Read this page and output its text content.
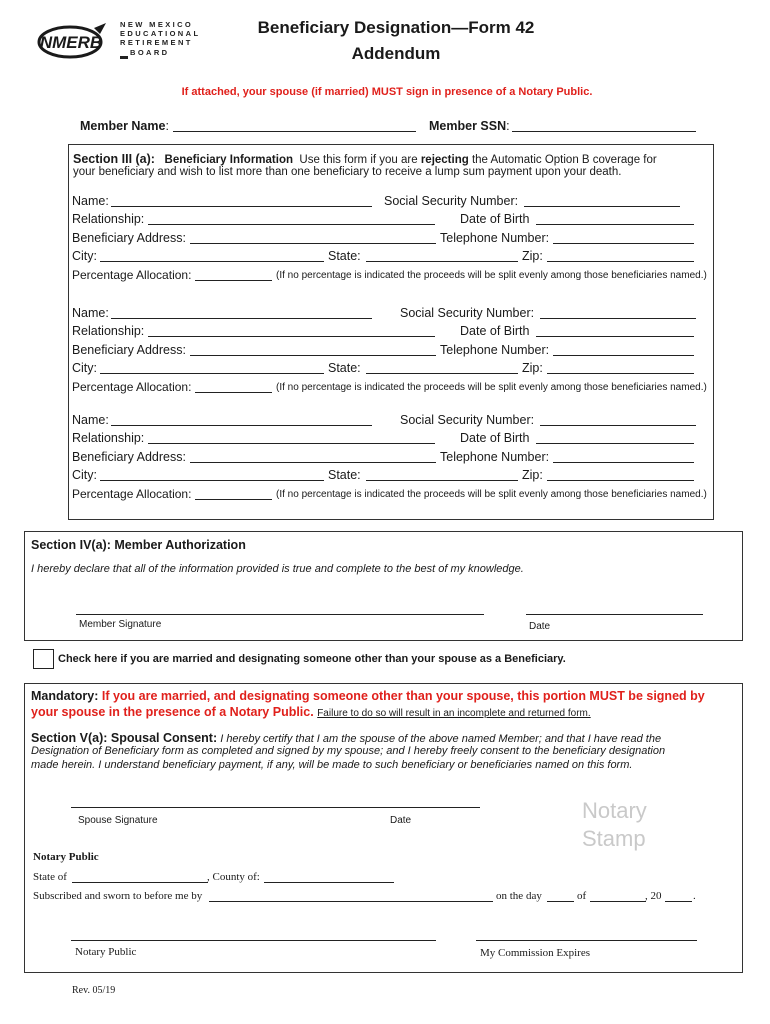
NMERB
NEW MEXICO
EDUCATIONAL
RETIREMENT
BOARD
Beneficiary Designation—Form 42
Addendum
If attached, your spouse (if married) MUST sign in presence of a Notary Public.
Member Name:	Member SSN:
Section III (a): Beneficiary Information Use this form if you are rejecting the Automatic Option B coverage for
your beneficiary and wish to list more than one beneficiary to receive a lump sum payment upon your death.
Name:	Social Security Number:
Relationship:	Date of Birth
Beneficiary Address:	Telephone Number:
City:	State:	Zip:
Percentage Allocation:	(If no percentage is indicated the proceeds will be split evenly among those beneficiaries named.)
Name:	Social Security Number:
Relationship:	Date of Birth
Beneficiary Address:	Telephone Number:
City:	State:	Zip:
Percentage Allocation:	(If no percentage is indicated the proceeds will be split evenly among those beneficiaries named.)
Name:	Social Security Number:
Relationship:	Date of Birth
Beneficiary Address:	Telephone Number:
City:	State:	Zip:
Percentage Allocation:	(If no percentage is indicated the proceeds will be split evenly among those beneficiaries named.)
Section IV(a): Member Authorization
I hereby declare that all of the information provided is true and complete to the best of my knowledge.
Member Signature	Date
Check here if you are married and designating someone other than your spouse as a Beneficiary.
Mandatory: If you are married, and designating someone other than your spouse, this portion MUST be signed by
your spouse in the presence of a Notary Public. Failure to do so will result in an incomplete and returned form.
Section V(a): Spousal Consent: I hereby certify that I am the spouse of the above named Member; and that I have read the
Designation of Beneficiary form as completed and signed by my spouse; and I hereby freely consent to the beneficiary designation
made herein. I understand beneficiary payment, if any, will be made to such beneficiary or beneficiaries named on this form.
Spouse Signature	Date	Notary
Stamp
Notary Public
State of	, County of:
Subscribed and sworn to before me by	on the day	of	, 20	.
Notary Public	My Commission Expires
Rev. 05/19
